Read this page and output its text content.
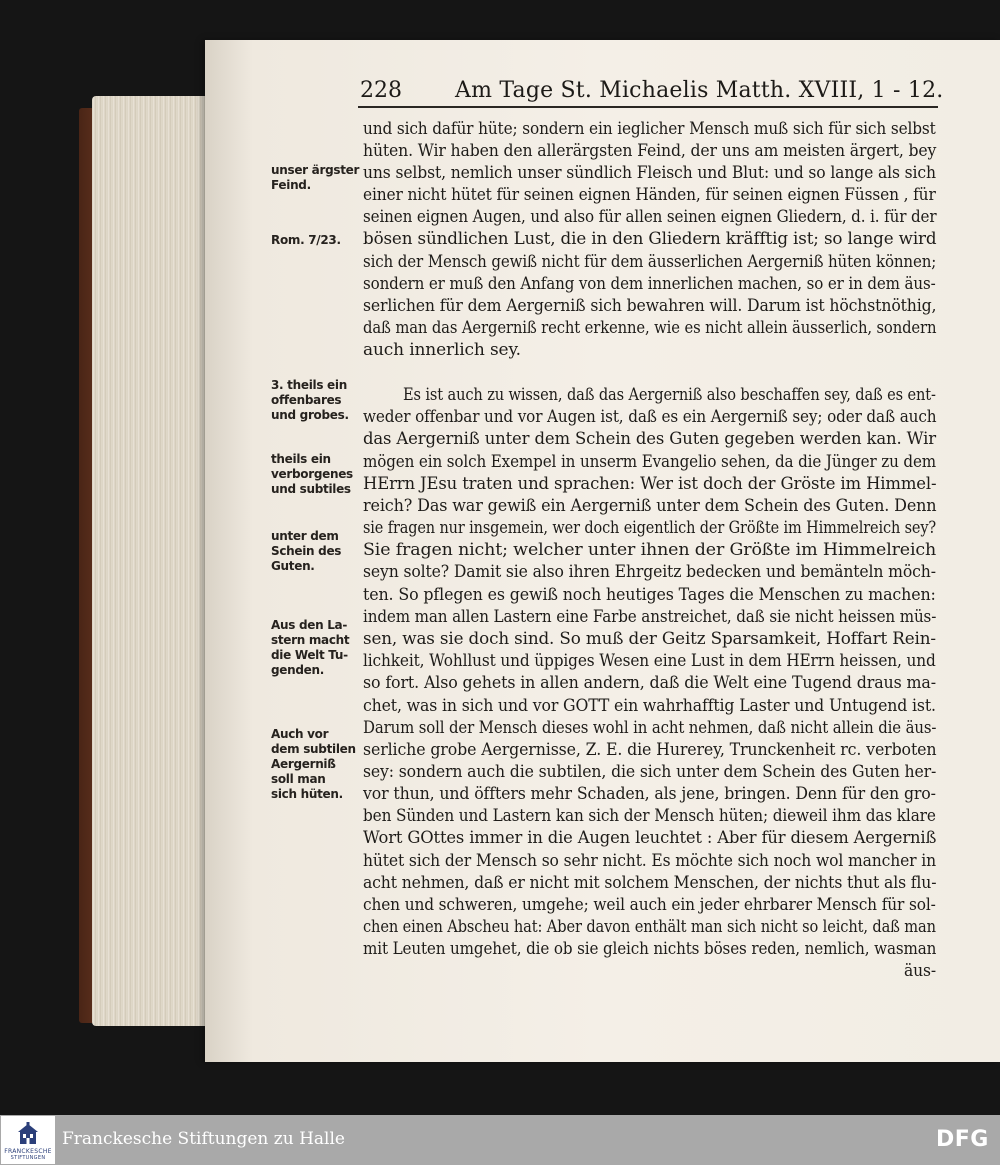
228 Am Tage St. Michaelis Matth. XVIII, 1 - 12.
und sich dafür hüte; sondern ein ieglicher Mensch muß sich für sich selbst
hüten. Wir haben den allerärgsten Feind, der uns am meisten ärgert, bey
uns selbst, nemlich unser sündlich Fleisch und Blut: und so lange als sich
einer nicht hütet für seinen eignen Händen, für seinen eignen Füssen , für
seinen eignen Augen, und also für allen seinen eignen Gliedern, d. i. für der
bösen sündlichen Lust, die in den Gliedern kräfftig ist; so lange wird
sich der Mensch gewiß nicht für dem äusserlichen Aergerniß hüten können;
sondern er muß den Anfang von dem innerlichen machen, so er in dem äus-
serlichen für dem Aergerniß sich bewahren will. Darum ist höchstnöthig,
daß man das Aergerniß recht erkenne, wie es nicht allein äusserlich, sondern
auch innerlich sey.
Es ist auch zu wissen, daß das Aergerniß also beschaffen sey, daß es ent-
weder offenbar und vor Augen ist, daß es ein Aergerniß sey; oder daß auch
das Aergerniß unter dem Schein des Guten gegeben werden kan. Wir
mögen ein solch Exempel in unserm Evangelio sehen, da die Jünger zu dem
HErrn JEsu traten und sprachen: Wer ist doch der Gröste im Himmel-
reich? Das war gewiß ein Aergerniß unter dem Schein des Guten. Denn
sie fragen nur insgemein, wer doch eigentlich der Größte im Himmelreich sey?
Sie fragen nicht; welcher unter ihnen der Größte im Himmelreich
seyn solte? Damit sie also ihren Ehrgeitz bedecken und bemänteln möch-
ten. So pflegen es gewiß noch heutiges Tages die Menschen zu machen:
indem man allen Lastern eine Farbe anstreichet, daß sie nicht heissen müs-
sen, was sie doch sind. So muß der Geitz Sparsamkeit, Hoffart Rein-
lichkeit, Wohllust und üppiges Wesen eine Lust in dem HErrn heissen, und
so fort. Also gehets in allen andern, daß die Welt eine Tugend draus ma-
chet, was in sich und vor GOTT ein wahrhafftig Laster und Untugend ist.
Darum soll der Mensch dieses wohl in acht nehmen, daß nicht allein die äus-
serliche grobe Aergernisse, Z. E. die Hurerey, Trunckenheit rc. verboten
sey: sondern auch die subtilen, die sich unter dem Schein des Guten her-
vor thun, und öffters mehr Schaden, als jene, bringen. Denn für den gro-
ben Sünden und Lastern kan sich der Mensch hüten; dieweil ihm das klare
Wort GOttes immer in die Augen leuchtet : Aber für diesem Aergerniß
hütet sich der Mensch so sehr nicht. Es möchte sich noch wol mancher in
acht nehmen, daß er nicht mit solchem Menschen, der nichts thut als flu-
chen und schweren, umgehe; weil auch ein jeder ehrbarer Mensch für sol-
chen einen Abscheu hat: Aber davon enthält man sich nicht so leicht, daß man
mit Leuten umgehet, die ob sie gleich nichts böses reden, nemlich, wasman
äus-
unser ärgster
Feind.
Rom. 7/23.
3. theils ein
offenbares
und grobes.
theils ein
verborgenes
und subtiles
unter dem
Schein des
Guten.
Aus den La-
stern macht
die Welt Tu-
genden.
Auch vor
dem subtilen
Aergerniß
soll man
sich hüten.
FRANCKESCHE
STIFTUNGEN
Franckesche Stiftungen zu Halle	DFG
